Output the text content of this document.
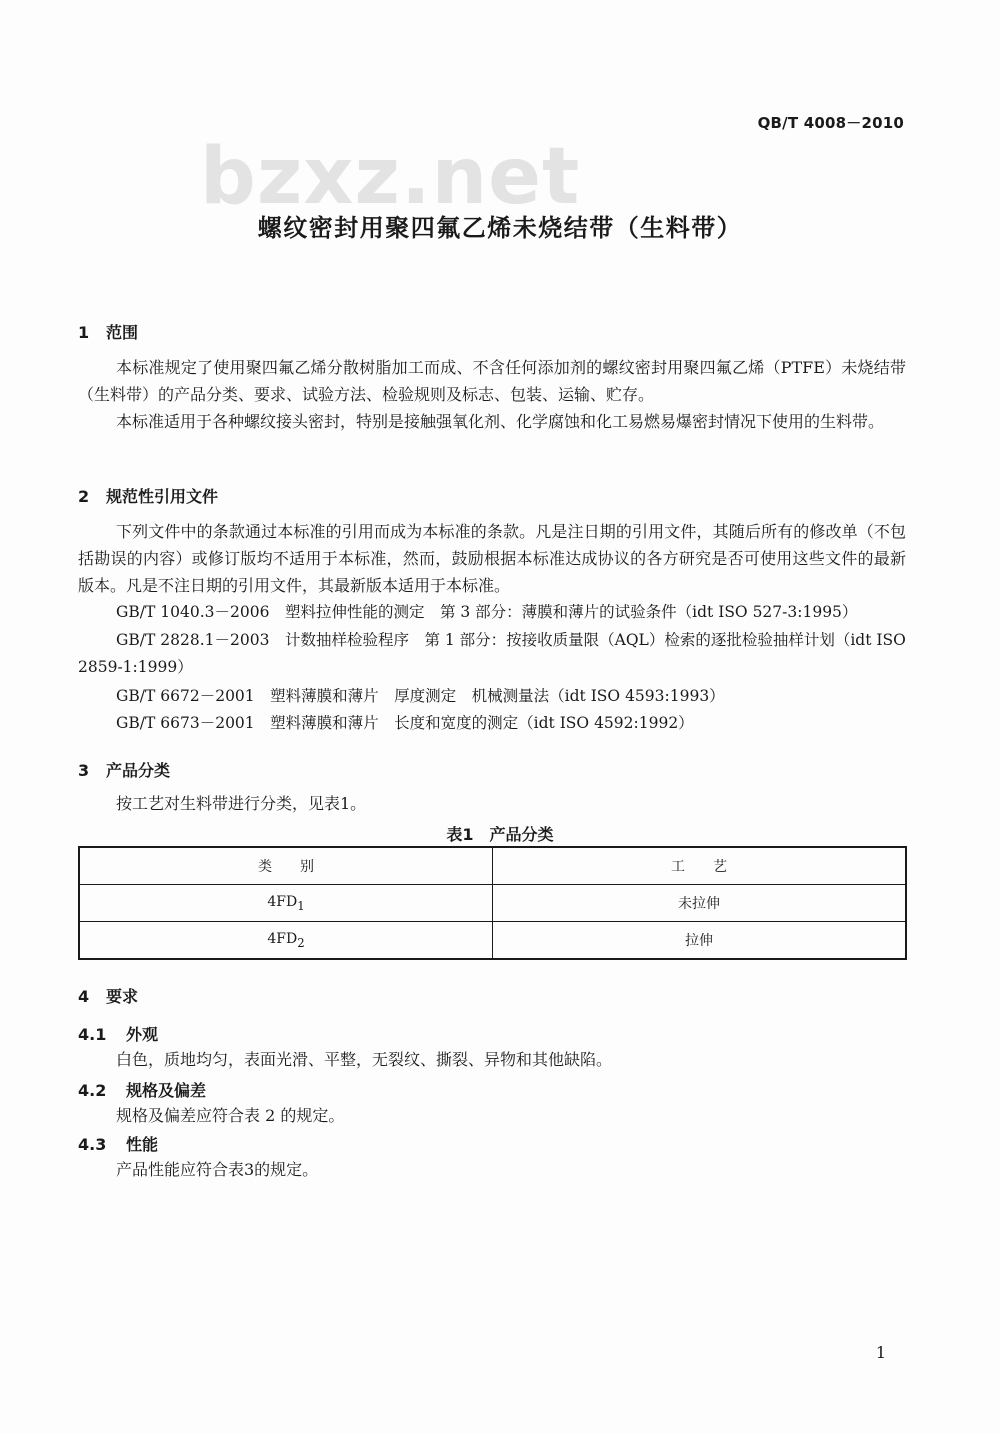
QB/T 4008－2010
bzxz.net
螺纹密封用聚四氟乙烯未烧结带（生料带）
1 范围
本标准规定了使用聚四氟乙烯分散树脂加工而成、不含任何添加剂的螺纹密封用聚四氟乙烯（PTFE）未烧结带（生料带）的产品分类、要求、试验方法、检验规则及标志、包装、运输、贮存。
本标准适用于各种螺纹接头密封，特别是接触强氧化剂、化学腐蚀和化工易燃易爆密封情况下使用的生料带。
2 规范性引用文件
下列文件中的条款通过本标准的引用而成为本标准的条款。凡是注日期的引用文件，其随后所有的修改单（不包括勘误的内容）或修订版均不适用于本标准，然而，鼓励根据本标准达成协议的各方研究是否可使用这些文件的最新版本。凡是不注日期的引用文件，其最新版本适用于本标准。
GB/T 1040.3－2006　塑料拉伸性能的测定　第 3 部分：薄膜和薄片的试验条件（idt ISO 527-3:1995）
GB/T 2828.1－2003　计数抽样检验程序　第 1 部分：按接收质量限（AQL）检索的逐批检验抽样计划（idt ISO 2859-1:1999）
GB/T 6672－2001　塑料薄膜和薄片　厚度测定　机械测量法（idt ISO 4593:1993）
GB/T 6673－2001　塑料薄膜和薄片　长度和宽度的测定（idt ISO 4592:1992）
3 产品分类
按工艺对生料带进行分类，见表1。
表1　产品分类
类　　别	工　　艺
$4FD_1$	未拉伸
$4FD_2$	拉伸
4 要求
4.1 外观
白色，质地均匀，表面光滑、平整，无裂纹、撕裂、异物和其他缺陷。
4.2 规格及偏差
规格及偏差应符合表 2 的规定。
4.3 性能
产品性能应符合表3的规定。
1
